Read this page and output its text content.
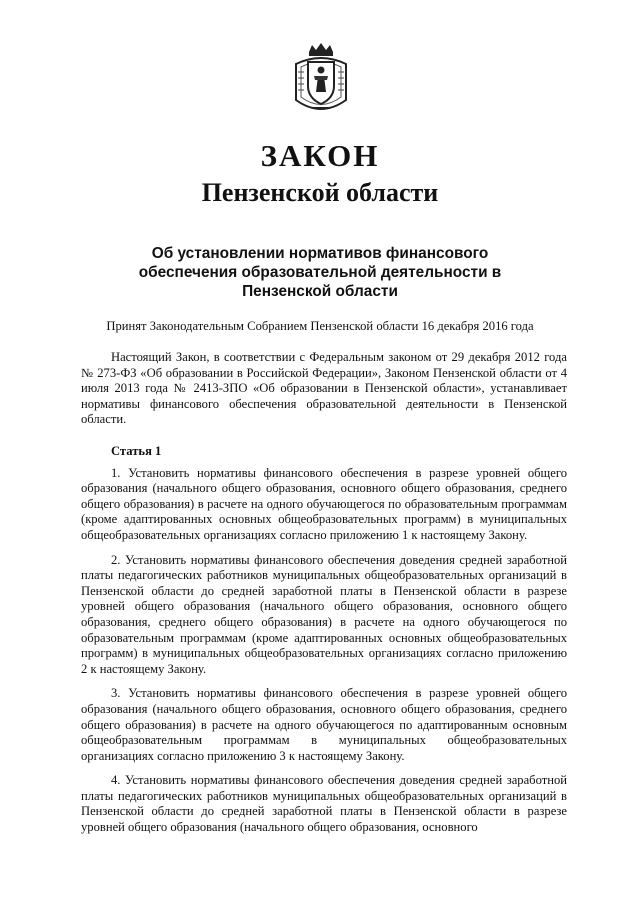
ЗАКОН
Пензенской области
Об установлении нормативов финансового
обеспечения образовательной деятельности в
Пензенской области
Принят Законодательным Собранием Пензенской области 16 декабря 2016 года

Настоящий Закон, в соответствии с Федеральным законом от 29 декабря 2012 года № 273-ФЗ «Об образовании в Российской Федерации», Законом Пензенской области от 4 июля 2013 года № 2413-ЗПО «Об образовании в Пензенской области», устанавливает нормативы финансового обеспечения образовательной деятельности в Пензенской области.

Статья 1

1. Установить нормативы финансового обеспечения в разрезе уровней общего образования (начального общего образования, основного общего образования, среднего общего образования) в расчете на одного обучающегося по образовательным программам (кроме адаптированных основных общеобразовательных программ) в муниципальных общеобразовательных организациях согласно приложению 1 к настоящему Закону.

2. Установить нормативы финансового обеспечения доведения средней заработной платы педагогических работников муниципальных общеобразовательных организаций в Пензенской области до средней заработной платы в Пензенской области в разрезе уровней общего образования (начального общего образования, основного общего образования, среднего общего образования) в расчете на одного обучающегося по образовательным программам (кроме адаптированных основных общеобразовательных программ) в муниципальных общеобразовательных организациях согласно приложению 2 к настоящему Закону.

3. Установить нормативы финансового обеспечения в разрезе уровней общего образования (начального общего образования, основного общего образования, среднего общего образования) в расчете на одного обучающегося по адаптированным основным общеобразовательным программам в муниципальных общеобразовательных организациях согласно приложению 3 к настоящему Закону.

4. Установить нормативы финансового обеспечения доведения средней заработной платы педагогических работников муниципальных общеобразовательных организаций в Пензенской области до средней заработной платы в Пензенской области в разрезе уровней общего образования (начального общего образования, основного
